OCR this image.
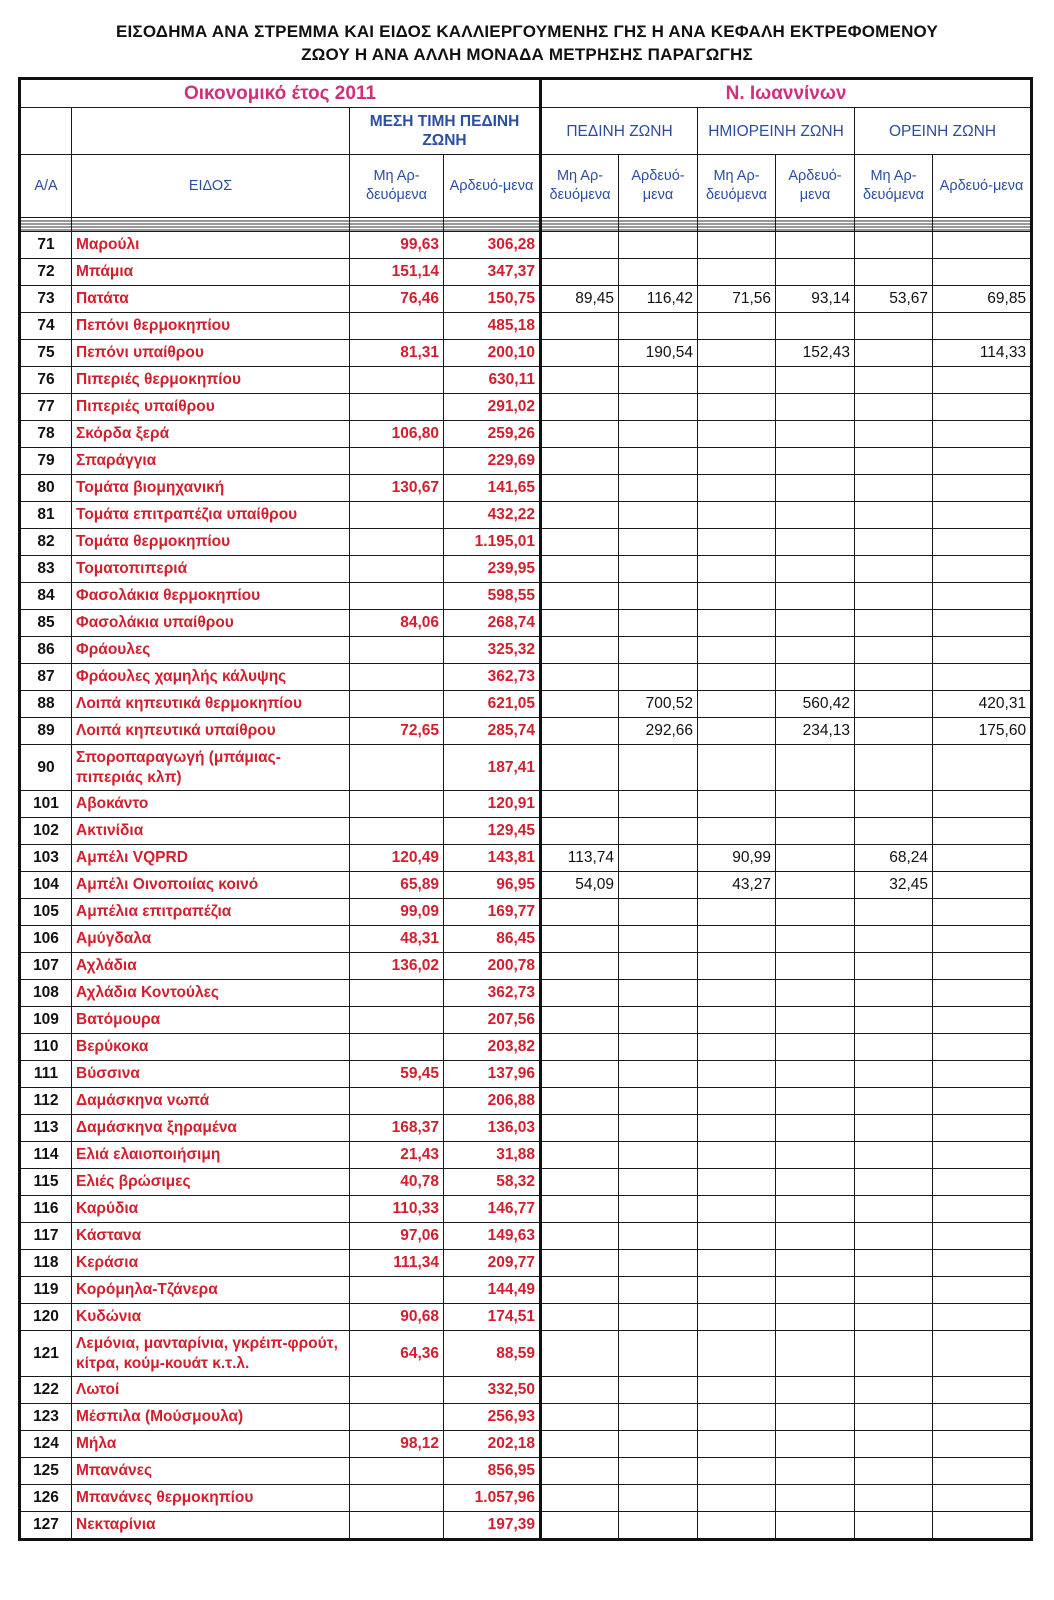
ΕΙΣΟΔΗΜΑ ΑΝΑ ΣΤΡΕΜΜΑ ΚΑΙ ΕΙΔΟΣ ΚΑΛΛΙΕΡΓΟΥΜΕΝΗΣ ΓΗΣ Η ΑΝΑ ΚΕΦΑΛΗ ΕΚΤΡΕΦΟΜΕΝΟΥ
ΖΩΟΥ Η ΑΝΑ ΑΛΛΗ ΜΟΝΑΔΑ ΜΕΤΡΗΣΗΣ ΠΑΡΑΓΩΓΗΣ
Οικονομικό έτος 2011				Ν. Ιωαννίνων					
		ΜΕΣΗ ΤΙΜΗ ΠΕΔΙΝΗ ΖΩΝΗ		ΠΕΔΙΝΗ ΖΩΝΗ		ΗΜΙΟΡΕΙΝΗ ΖΩΝΗ		ΟΡΕΙΝΗ ΖΩΝΗ	
Α/Α	ΕΙΔΟΣ	Μη Αρ-δευόμενα	Αρδευό-μενα	Μη Αρ-δευόμενα	Αρδευό-μενα	Μη Αρ-δευόμενα	Αρδευό-μενα	Μη Αρ-δευόμενα	Αρδευό-μενα

71	Μαρούλι	99,63	306,28						
72	Μπάμια	151,14	347,37						
73	Πατάτα	76,46	150,75	89,45	116,42	71,56	93,14	53,67	69,85
74	Πεπόνι θερμοκηπίου		485,18						
75	Πεπόνι υπαίθρου	81,31	200,10		190,54		152,43		114,33
76	Πιπεριές θερμοκηπίου		630,11						
77	Πιπεριές υπαίθρου		291,02						
78	Σκόρδα ξερά	106,80	259,26						
79	Σπαράγγια		229,69						
80	Τομάτα βιομηχανική	130,67	141,65						
81	Τομάτα επιτραπέζια υπαίθρου		432,22						
82	Τομάτα θερμοκηπίου		1.195,01						
83	Τοματοπιπεριά		239,95						
84	Φασολάκια θερμοκηπίου		598,55						
85	Φασολάκια υπαίθρου	84,06	268,74						
86	Φράουλες		325,32						
87	Φράουλες χαμηλής κάλυψης		362,73						
88	Λοιπά κηπευτικά θερμοκηπίου		621,05		700,52		560,42		420,31
89	Λοιπά κηπευτικά υπαίθρου	72,65	285,74		292,66		234,13		175,60
90	Σποροπαραγωγή (μπάμιας-πιπεριάς κλπ)		187,41						
101	Αβοκάντο		120,91						
102	Ακτινίδια		129,45						
103	Αμπέλι VQPRD	120,49	143,81	113,74		90,99		68,24	
104	Αμπέλι Οινοποιίας κοινό	65,89	96,95	54,09		43,27		32,45	
105	Αμπέλια επιτραπέζια	99,09	169,77						
106	Αμύγδαλα	48,31	86,45						
107	Αχλάδια	136,02	200,78						
108	Αχλάδια Κοντούλες		362,73						
109	Βατόμουρα		207,56						
110	Βερύκοκα		203,82						
111	Βύσσινα	59,45	137,96						
112	Δαμάσκηνα νωπά		206,88						
113	Δαμάσκηνα ξηραμένα	168,37	136,03						
114	Ελιά ελαιοποιήσιμη	21,43	31,88						
115	Ελιές βρώσιμες	40,78	58,32						
116	Καρύδια	110,33	146,77						
117	Κάστανα	97,06	149,63						
118	Κεράσια	111,34	209,77						
119	Κορόμηλα-Τζάνερα		144,49						
120	Κυδώνια	90,68	174,51						
121	Λεμόνια, μανταρίνια, γκρέιπ-φρούτ, κίτρα, κούμ-κουάτ κ.τ.λ.	64,36	88,59						
122	Λωτοί		332,50						
123	Μέσπιλα (Μούσμουλα)		256,93						
124	Μήλα	98,12	202,18						
125	Μπανάνες		856,95						
126	Μπανάνες θερμοκηπίου		1.057,96						
127	Νεκταρίνια		197,39						
